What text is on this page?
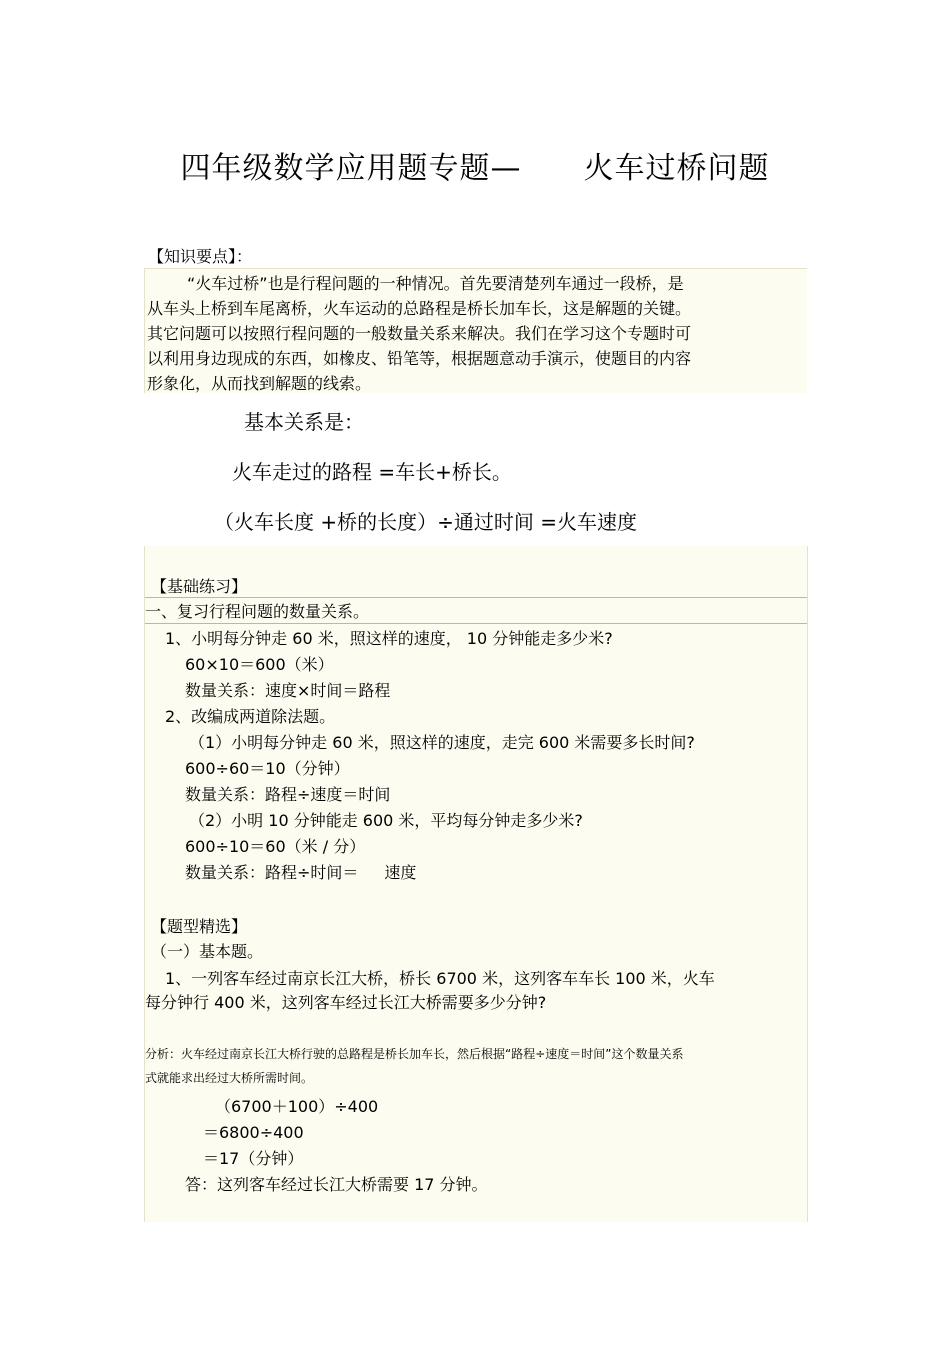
四年级数学应用题专题— 火车过桥问题
【知识要点】：
“火车过桥”也是行程问题的一种情况。首先要清楚列车通过一段桥，是
从车头上桥到车尾离桥，火车运动的总路程是桥长加车长，这是解题的关键。
其它问题可以按照行程问题的一般数量关系来解决。我们在学习这个专题时可
以利用身边现成的东西，如橡皮、铅笔等，根据题意动手演示，使题目的内容
形象化，从而找到解题的线索。
基本关系是：
火车走过的路程 =车长+桥长。
（火车长度 +桥的长度）÷通过时间 =火车速度
【基础练习】
一、复习行程问题的数量关系。
1、小明每分钟走 60 米，照这样的速度， 10 分钟能走多少米?
60×10＝600（米）
数量关系：速度×时间＝路程
2、改编成两道除法题。
（1）小明每分钟走 60 米，照这样的速度，走完 600 米需要多长时间?
600÷60＝10（分钟）
数量关系：路程÷速度＝时间
（2）小明 10 分钟能走 600 米，平均每分钟走多少米?
600÷10＝60（米 / 分）
数量关系：路程÷时间＝ 速度
【题型精选】
（一）基本题。
1、一列客车经过南京长江大桥，桥长 6700 米，这列客车车长 100 米，火车
每分钟行 400 米，这列客车经过长江大桥需要多少分钟?
分析：火车经过南京长江大桥行驶的总路程是桥长加车长，然后根据“路程÷速度＝时间”这个数量关系
式就能求出经过大桥所需时间。
（6700＋100）÷400
＝6800÷400
＝17（分钟）
答：这列客车经过长江大桥需要 17 分钟。
